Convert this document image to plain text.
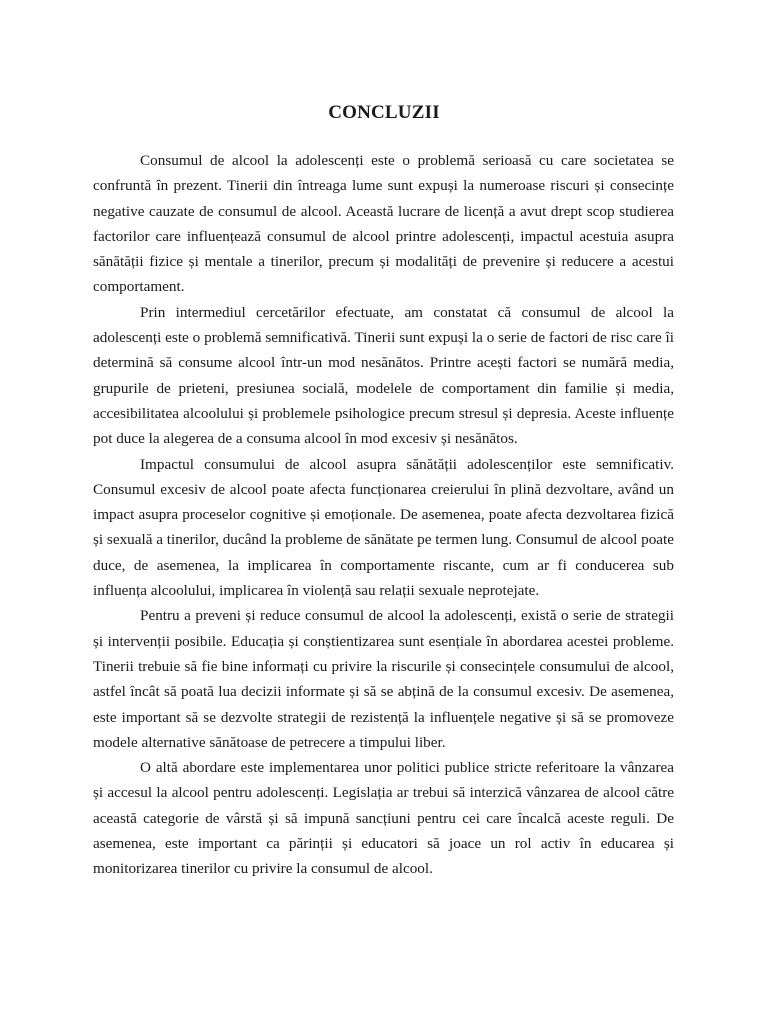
CONCLUZII

Consumul de alcool la adolescenți este o problemă serioasă cu care societatea se confruntă în prezent. Tinerii din întreaga lume sunt expuși la numeroase riscuri și consecințe negative cauzate de consumul de alcool. Această lucrare de licență a avut drept scop studierea factorilor care influențează consumul de alcool printre adolescenți, impactul acestuia asupra sănătății fizice și mentale a tinerilor, precum și modalități de prevenire și reducere a acestui comportament.

Prin intermediul cercetărilor efectuate, am constatat că consumul de alcool la adolescenți este o problemă semnificativă. Tinerii sunt expuși la o serie de factori de risc care îi determină să consume alcool într-un mod nesănătos. Printre acești factori se numără media, grupurile de prieteni, presiunea socială, modelele de comportament din familie și media, accesibilitatea alcoolului și problemele psihologice precum stresul și depresia. Aceste influențe pot duce la alegerea de a consuma alcool în mod excesiv și nesănătos.

Impactul consumului de alcool asupra sănătății adolescenților este semnificativ. Consumul excesiv de alcool poate afecta funcționarea creierului în plină dezvoltare, având un impact asupra proceselor cognitive și emoționale. De asemenea, poate afecta dezvoltarea fizică și sexuală a tinerilor, ducând la probleme de sănătate pe termen lung. Consumul de alcool poate duce, de asemenea, la implicarea în comportamente riscante, cum ar fi conducerea sub influența alcoolului, implicarea în violență sau relații sexuale neprotejate.

Pentru a preveni și reduce consumul de alcool la adolescenți, există o serie de strategii și intervenții posibile. Educația și conștientizarea sunt esențiale în abordarea acestei probleme. Tinerii trebuie să fie bine informați cu privire la riscurile și consecințele consumului de alcool, astfel încât să poată lua decizii informate și să se abțină de la consumul excesiv. De asemenea, este important să se dezvolte strategii de rezistență la influențele negative și să se promoveze modele alternative sănătoase de petrecere a timpului liber.

O altă abordare este implementarea unor politici publice stricte referitoare la vânzarea și accesul la alcool pentru adolescenți. Legislația ar trebui să interzică vânzarea de alcool către această categorie de vârstă și să impună sancțiuni pentru cei care încalcă aceste reguli. De asemenea, este important ca părinții și educatori să joace un rol activ în educarea și monitorizarea tinerilor cu privire la consumul de alcool.
